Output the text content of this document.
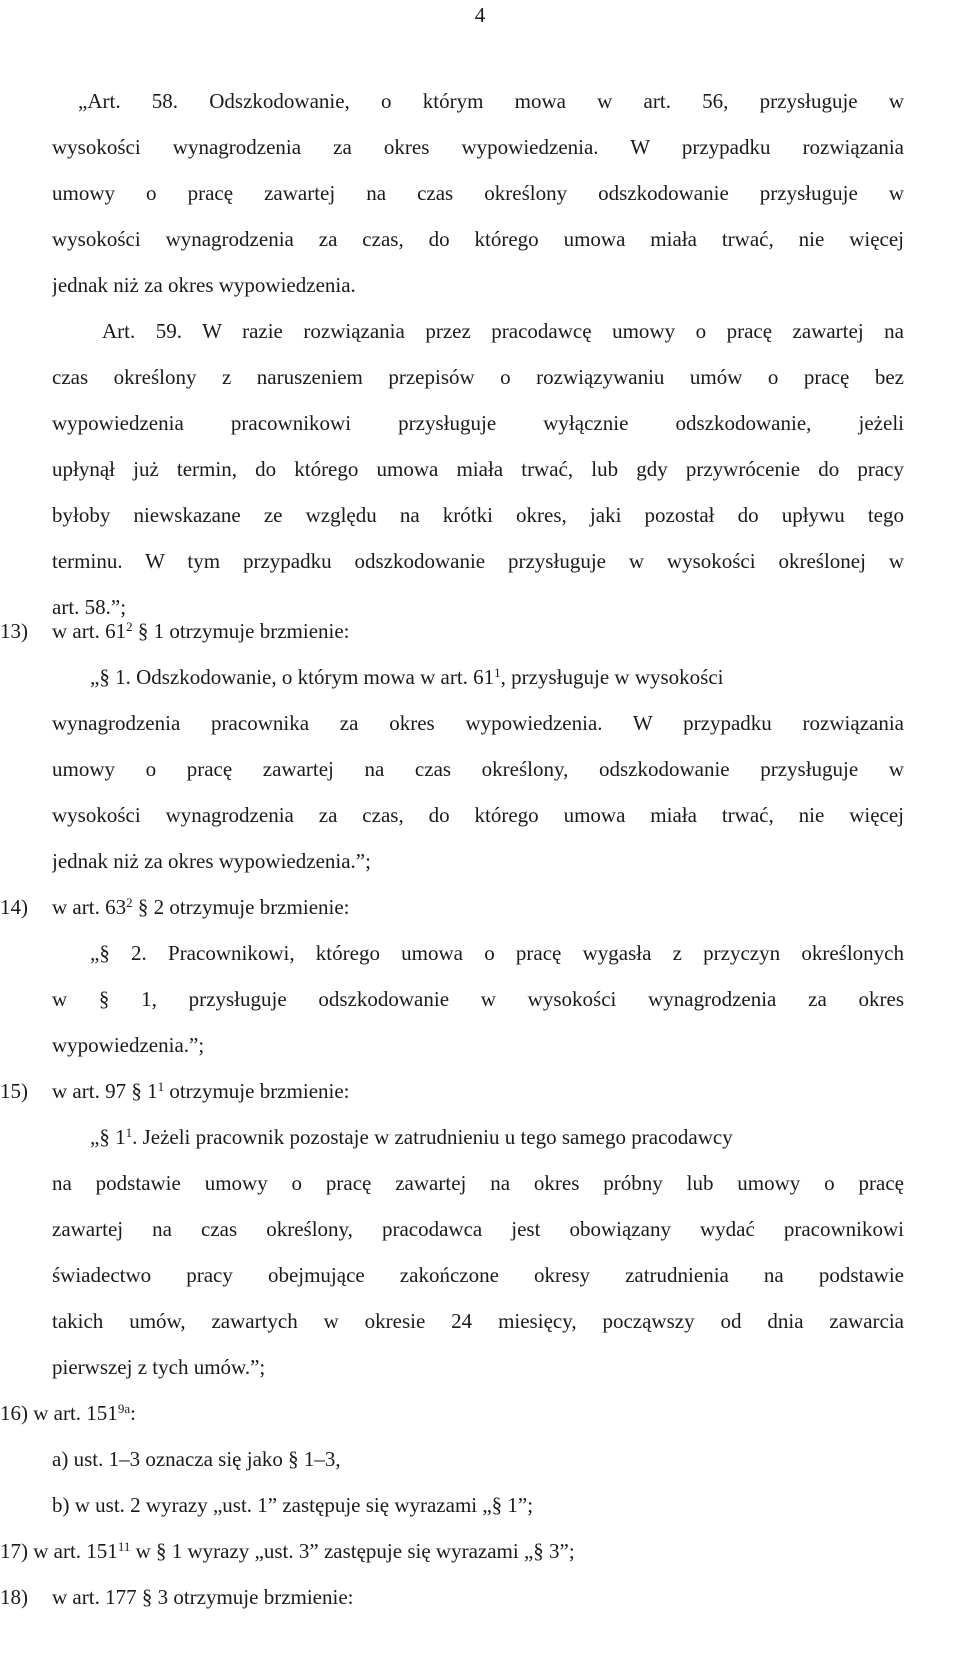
4
„Art. 58. Odszkodowanie, o którym mowa w art. 56, przysługuje w
wysokości wynagrodzenia za okres wypowiedzenia. W przypadku rozwiązania
umowy o pracę zawartej na czas określony odszkodowanie przysługuje w
wysokości wynagrodzenia za czas, do którego umowa miała trwać, nie więcej
jednak niż za okres wypowiedzenia.
Art. 59. W razie rozwiązania przez pracodawcę umowy o pracę zawartej na
czas określony z naruszeniem przepisów o rozwiązywaniu umów o pracę bez
wypowiedzenia pracownikowi przysługuje wyłącznie odszkodowanie, jeżeli
upłynął już termin, do którego umowa miała trwać, lub gdy przywrócenie do pracy
byłoby niewskazane ze względu na krótki okres, jaki pozostał do upływu tego
terminu. W tym przypadku odszkodowanie przysługuje w wysokości określonej w
art. 58.”;
13) w art. $61^2$ § 1 otrzymuje brzmienie:
„§ 1. Odszkodowanie, o którym mowa w art. $61^1$, przysługuje w wysokości
wynagrodzenia pracownika za okres wypowiedzenia. W przypadku rozwiązania
umowy o pracę zawartej na czas określony, odszkodowanie przysługuje w
wysokości wynagrodzenia za czas, do którego umowa miała trwać, nie więcej
jednak niż za okres wypowiedzenia.”;
14) w art. $63^2$ § 2 otrzymuje brzmienie:
„§ 2. Pracownikowi, którego umowa o pracę wygasła z przyczyn określonych
w § 1, przysługuje odszkodowanie w wysokości wynagrodzenia za okres
wypowiedzenia.”;
15) w art. 97 § $1^1$ otrzymuje brzmienie:
„§ $1^1$. Jeżeli pracownik pozostaje w zatrudnieniu u tego samego pracodawcy
na podstawie umowy o pracę zawartej na okres próbny lub umowy o pracę
zawartej na czas określony, pracodawca jest obowiązany wydać pracownikowi
świadectwo pracy obejmujące zakończone okresy zatrudnienia na podstawie
takich umów, zawartych w okresie 24 miesięcy, począwszy od dnia zawarcia
pierwszej z tych umów.”;
16) w art. $151^{9a}$:
a) ust. 1–3 oznacza się jako § 1–3,
b) w ust. 2 wyrazy „ust. 1” zastępuje się wyrazami „§ 1”;
17) w art. $151^{11}$ w § 1 wyrazy „ust. 3” zastępuje się wyrazami „§ 3”;
18) w art. 177 § 3 otrzymuje brzmienie:
